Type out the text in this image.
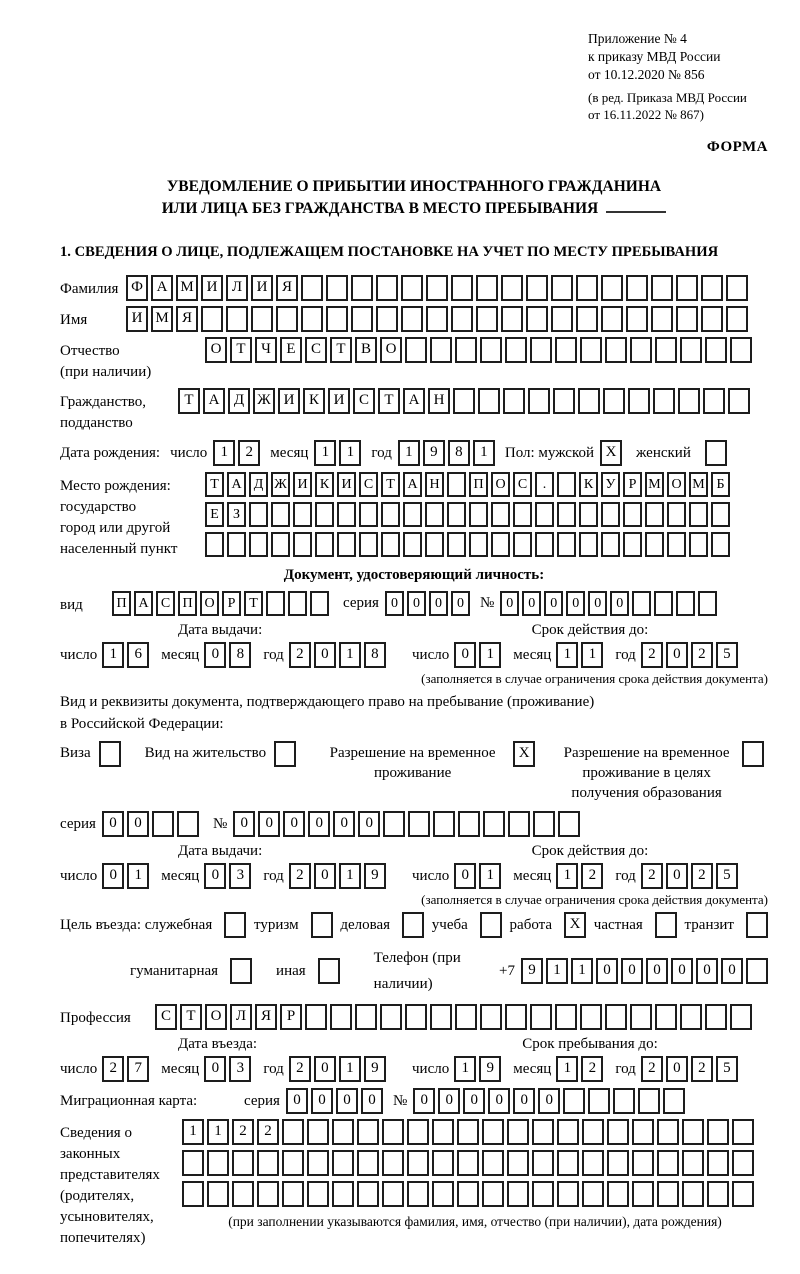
Приложение № 4
к приказу МВД России
от 10.12.2020 № 856
(в ред. Приказа МВД России
от 16.11.2022 № 867)
ФОРМА
УВЕДОМЛЕНИЕ О ПРИБЫТИИ ИНОСТРАННОГО ГРАЖДАНИНА
ИЛИ ЛИЦА БЕЗ ГРАЖДАНСТВА В МЕСТО ПРЕБЫВАНИЯ
1. СВЕДЕНИЯ О ЛИЦЕ, ПОДЛЕЖАЩЕМ ПОСТАНОВКЕ НА УЧЕТ ПО МЕСТУ ПРЕБЫВАНИЯ
Фамилия Ф А М И Л И Я
Имя	И М Я
Отчество
(при наличии)
О Т	Ч	Е	С	Т	В О
Гражданство,
подданство
Т	А Д Ж И К И С	Т	А Н
Дата рождения: число 1	2	месяц 1	1	год 1	9	8	1	Пол: мужской X	женский
Место рождения:
государство
город или другой
населенный пункт
Т А Д Ж И К И С Т А Н	П О С	.	К У Р М О М Б

Е	З

Документ, удостоверяющий личность:
вид	П А С П О Р Т	серия 0	0	0	0	№ 0	0	0	0	0	0
Дата выдачи:
число 1	6	месяц 0	8	год 2	0	1	8
Срок действия до:
число 0	1	месяц 1	1	год 2	0	2	5
(заполняется в случае ограничения срока действия документа)
Вид и реквизиты документа, подтверждающего право на пребывание (проживание)
в Российской Федерации:
Виза	Вид на жительство	Разрешение на временное проживание
X	Разрешение на временное проживание в целях получения образования
серия 0	0	№ 0	0	0	0	0	0
Дата выдачи:
число 0	1	месяц 0	3	год 2	0	1	9
Срок действия до:
число 0	1	месяц 1	2	год 2	0	2	5
(заполняется в случае ограничения срока действия документа)
Цель въезда: служебная	туризм	деловая	учеба	работа	X частная	транзит
гуманитарная	иная
Телефон (при наличии)
+7 9	1	1	0	0	0	0	0	0
Профессия	С	Т	О Л Я	Р
Дата въезда:
число 2	7	месяц 0	3	год 2	0	1	9
Срок пребывания до:
число 1	9	месяц 1	2	год 2	0	2	5
Миграционная карта:	серия 0	0	0	0	№ 0	0	0	0	0	0
Сведения о
законных
представителях
(родителях,
усыновителях,
попечителях)
1	1	2	2

(при заполнении указываются фамилия, имя, отчество (при наличии), дата рождения)
